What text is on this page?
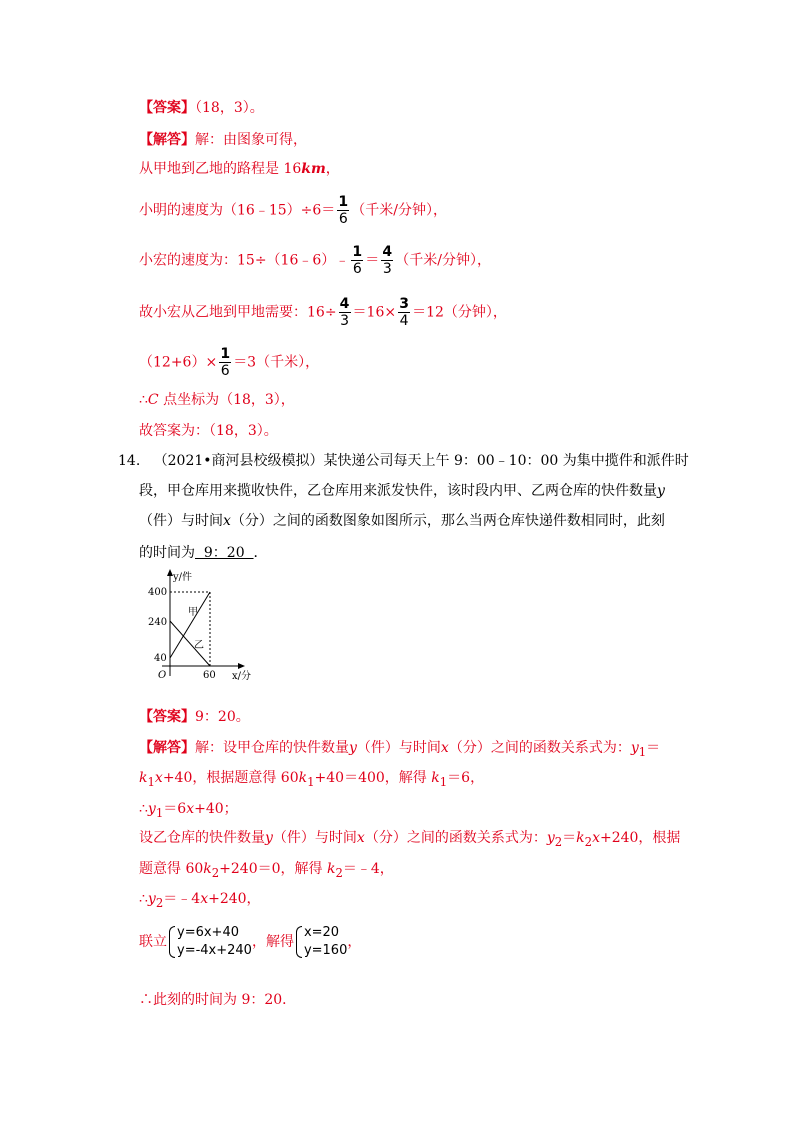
【答案】（18，3）。
【解答】解：由图象可得，
从甲地到乙地的路程是 16km，
小明的速度为（16﹣15）÷6＝ $\frac{1}{6}$ （千米/分钟），
小宏的速度为：15÷（16﹣6）﹣ $\frac{1}{6} = \frac{4}{3}$ （千米/分钟），
故小宏从乙地到甲地需要：$16\div \frac{4}{3} =16\times \frac{3}{4} =12$（分钟），
$(12+6)\times \frac{1}{6} =3$（千米），
∴C 点坐标为（18，3），
故答案为：（18，3）。
14. （2021•商河县校级模拟）某快递公司每天上午 9：00﹣10：00 为集中揽件和派件时
段，甲仓库用来揽收快件，乙仓库用来派发快件，该时段内甲、乙两仓库的快件数量y
（件）与时间x（分）之间的函数图象如图所示，那么当两仓库快递件数相同时，此刻
的时间为  9：20  ．
y/件
x/分
O
400
240
40
60
甲
乙
【答案】9：20。
【解答】解：设甲仓库的快件数量y（件）与时间x（分）之间的函数关系式为：$y_1=$
$k_1x+40$，根据题意得 $60k_1+40=400$，解得 $k_1=6$，
$\therefore y_1=6x+40$；
设乙仓库的快件数量y（件）与时间x（分）之间的函数关系式为：$y_2=k_2x+240$，根据
题意得 $60k_2+240=0$，解得 $k_2=﹣4$，
$\therefore y_2=﹣4x+240$，
联立
y=6x+40
y=-4x+240
，解得
x=20
y=160
，
∴此刻的时间为 9：20．
